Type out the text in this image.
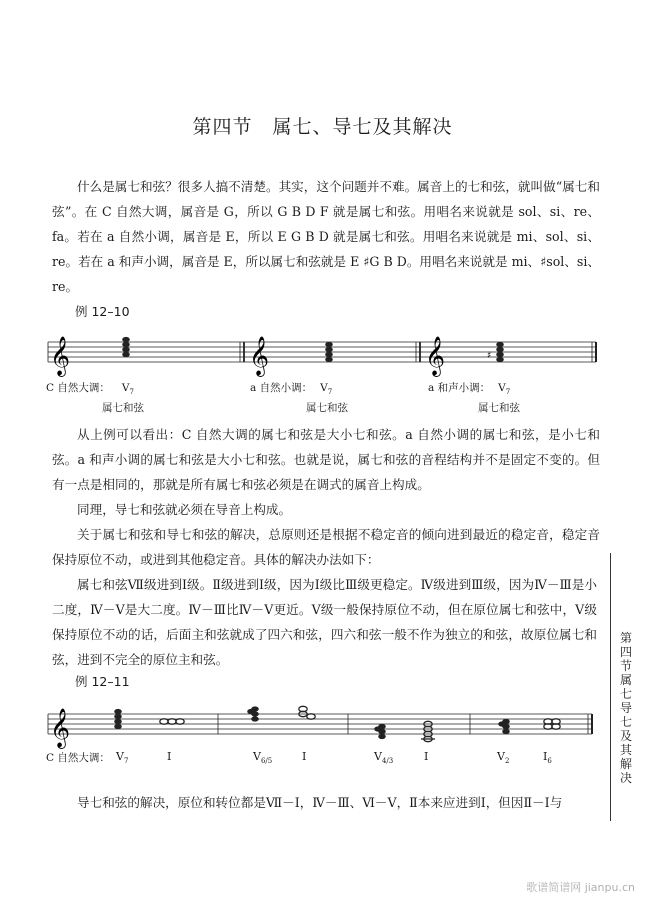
第四节　属七、导七及其解决

什么是属七和弦？很多人搞不清楚。其实，这个问题并不难。属音上的七和弦，就叫做“属七和弦”。在 C 自然大调，属音是 G，所以 G B D F 就是属七和弦。用唱名来说就是 sol、si、re、fa。若在 a 自然小调，属音是 E，所以 E G B D 就是属七和弦。用唱名来说就是 mi、sol、si、re。若在 a 和声小调，属音是 E，所以属七和弦就是 E ♯G B D。用唱名来说就是 mi、♯sol、si、re。

例 12–10
𝄞	𝄞	𝄞	♯
C 自然大调： $V_7$	a 自然小调： $V_7$	a 和声小调： $V_7$
属七和弦	属七和弦	属七和弦

从上例可以看出：C 自然大调的属七和弦是大小七和弦。a 自然小调的属七和弦，是小七和弦。a 和声小调的属七和弦是大小七和弦。也就是说，属七和弦的音程结构并不是固定不变的。但有一点是相同的，那就是所有属七和弦必须是在调式的属音上构成。

同理，导七和弦就必须在导音上构成。

关于属七和弦和导七和弦的解决，总原则还是根据不稳定音的倾向进到最近的稳定音，稳定音保持原位不动，或进到其他稳定音。具体的解决办法如下：

属七和弦Ⅶ级进到Ⅰ级。Ⅱ级进到Ⅰ级，因为Ⅰ级比Ⅲ级更稳定。Ⅳ级进到Ⅲ级，因为Ⅳ－Ⅲ是小二度，Ⅳ－Ⅴ是大二度。Ⅳ－Ⅲ比Ⅳ－Ⅴ更近。Ⅴ级一般保持原位不动，但在原位属七和弦中，Ⅴ级保持原位不动的话，后面主和弦就成了四六和弦，四六和弦一般不作为独立的和弦，故原位属七和弦，进到不完全的原位主和弦。

例 12–11
𝄞
C 自然大调： $V_7$	I	$V_{6/5}$	I	$V_{4/3}$	I	$V_2$	$I_6$

导七和弦的解决，原位和转位都是Ⅶ－Ⅰ，Ⅳ－Ⅲ、Ⅵ－Ⅴ，Ⅱ本来应进到Ⅰ，但因Ⅱ－Ⅰ与

第四节　属七　导七及其解决
歌谱简谱网 jianpu.cn
